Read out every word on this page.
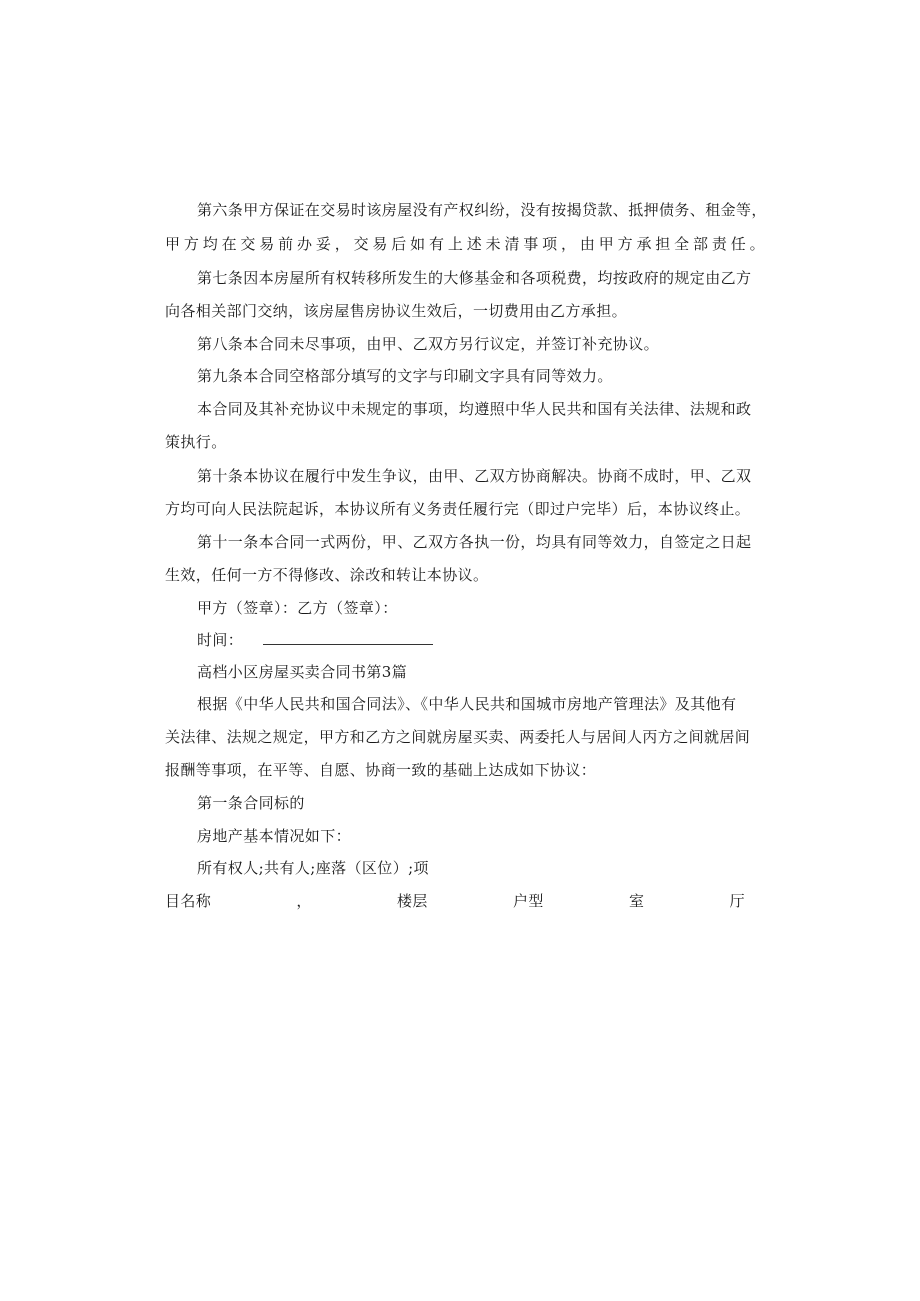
第六条甲方保证在交易时该房屋没有产权纠纷，没有按揭贷款、抵押债务、租金等，
甲方均在交易前办妥，交易后如有上述未清事项，由甲方承担全部责任。
第七条因本房屋所有权转移所发生的大修基金和各项税费，均按政府的规定由乙方
向各相关部门交纳，该房屋售房协议生效后，一切费用由乙方承担。
第八条本合同未尽事项，由甲、乙双方另行议定，并签订补充协议。
第九条本合同空格部分填写的文字与印刷文字具有同等效力。
本合同及其补充协议中未规定的事项，均遵照中华人民共和国有关法律、法规和政
策执行。
第十条本协议在履行中发生争议，由甲、乙双方协商解决。协商不成时，甲、乙双
方均可向人民法院起诉，本协议所有义务责任履行完（即过户完毕）后，本协议终止。
第十一条本合同一式两份，甲、乙双方各执一份，均具有同等效力，自签定之日起
生效，任何一方不得修改、涂改和转让本协议。
甲方（签章）：乙方（签章）：
时间：
高档小区房屋买卖合同书第3篇
根据《中华人民共和国合同法》、《中华人民共和国城市房地产管理法》及其他有
关法律、法规之规定，甲方和乙方之间就房屋买卖、两委托人与居间人丙方之间就居间
报酬等事项，在平等、自愿、协商一致的基础上达成如下协议：
第一条合同标的
房地产基本情况如下：
所有权人;共有人;座落（区位）;项
目名称	，	楼层	户型	室	厅
